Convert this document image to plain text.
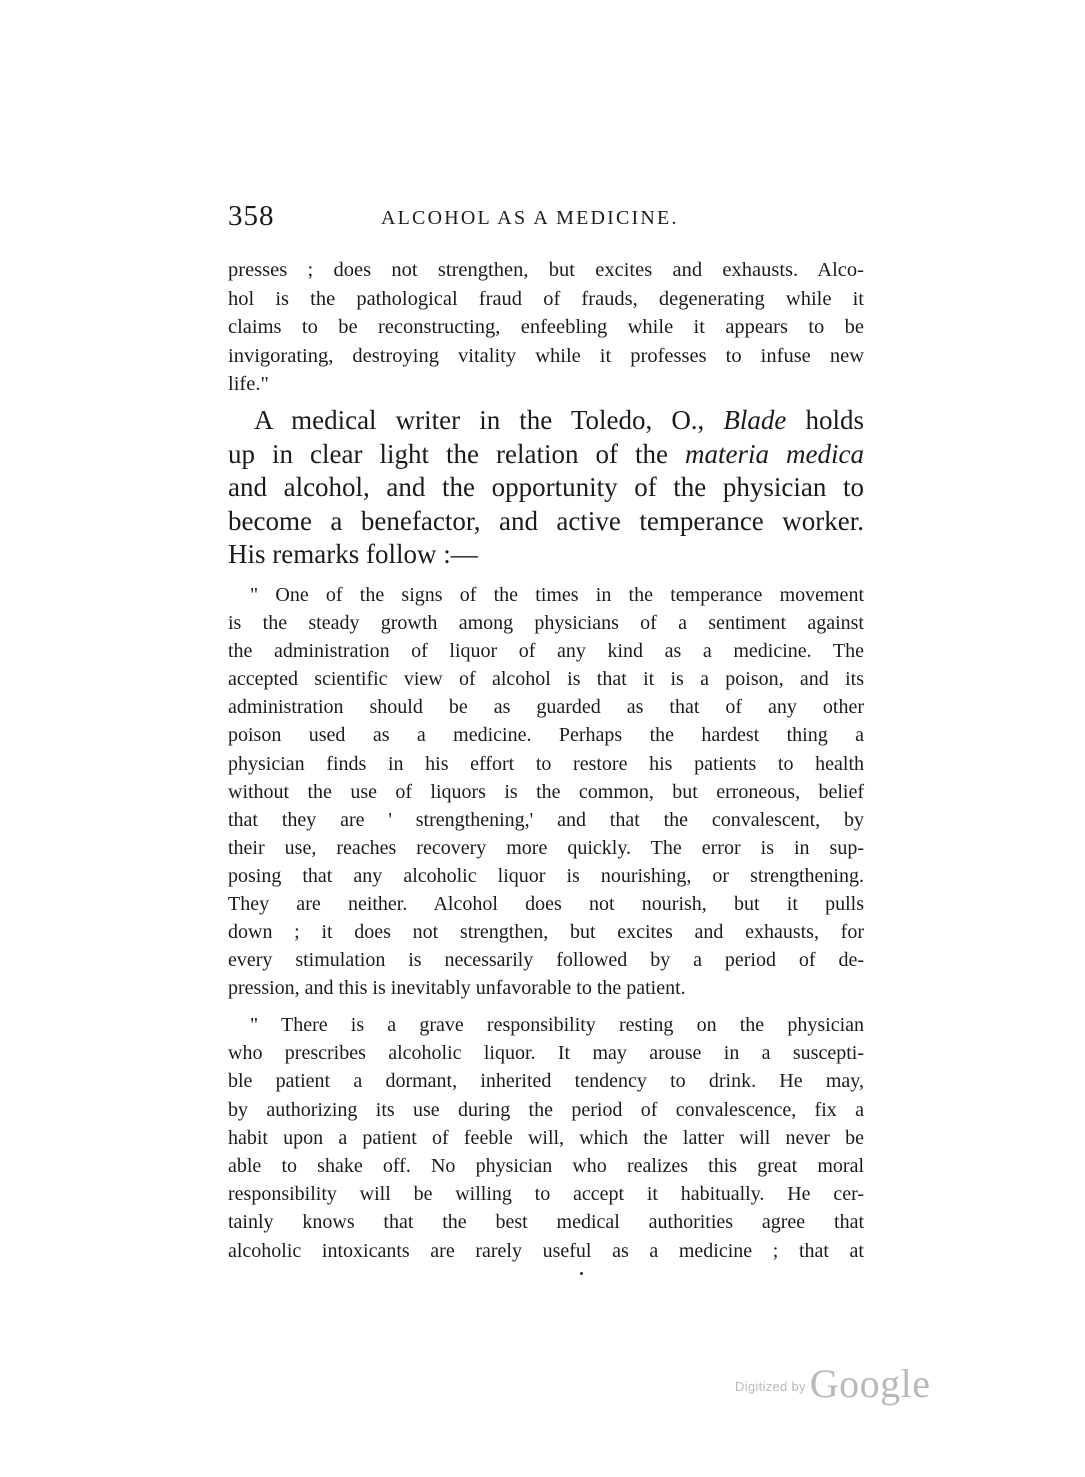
358	ALCOHOL AS A MEDICINE.
presses ; does not strengthen, but excites and exhausts. Alco-
hol is the pathological fraud of frauds, degenerating while it
claims to be reconstructing, enfeebling while it appears to be
invigorating, destroying vitality while it professes to infuse new
life."
A medical writer in the Toledo, O., Blade holds
up in clear light the relation of the materia medica
and alcohol, and the opportunity of the physician to
become a benefactor, and active temperance worker.
His remarks follow :—
" One of the signs of the times in the temperance movement
is the steady growth among physicians of a sentiment against
the administration of liquor of any kind as a medicine. The
accepted scientific view of alcohol is that it is a poison, and its
administration should be as guarded as that of any other
poison used as a medicine. Perhaps the hardest thing a
physician finds in his effort to restore his patients to health
without the use of liquors is the common, but erroneous, belief
that they are ' strengthening,' and that the convalescent, by
their use, reaches recovery more quickly. The error is in sup-
posing that any alcoholic liquor is nourishing, or strengthening.
They are neither. Alcohol does not nourish, but it pulls
down ; it does not strengthen, but excites and exhausts, for
every stimulation is necessarily followed by a period of de-
pression, and this is inevitably unfavorable to the patient.
" There is a grave responsibility resting on the physician
who prescribes alcoholic liquor. It may arouse in a suscepti-
ble patient a dormant, inherited tendency to drink. He may,
by authorizing its use during the period of convalescence, fix a
habit upon a patient of feeble will, which the latter will never be
able to shake off. No physician who realizes this great moral
responsibility will be willing to accept it habitually. He cer-
tainly knows that the best medical authorities agree that
alcoholic intoxicants are rarely useful as a medicine ; that at
$^{Digitized by}$ Google
